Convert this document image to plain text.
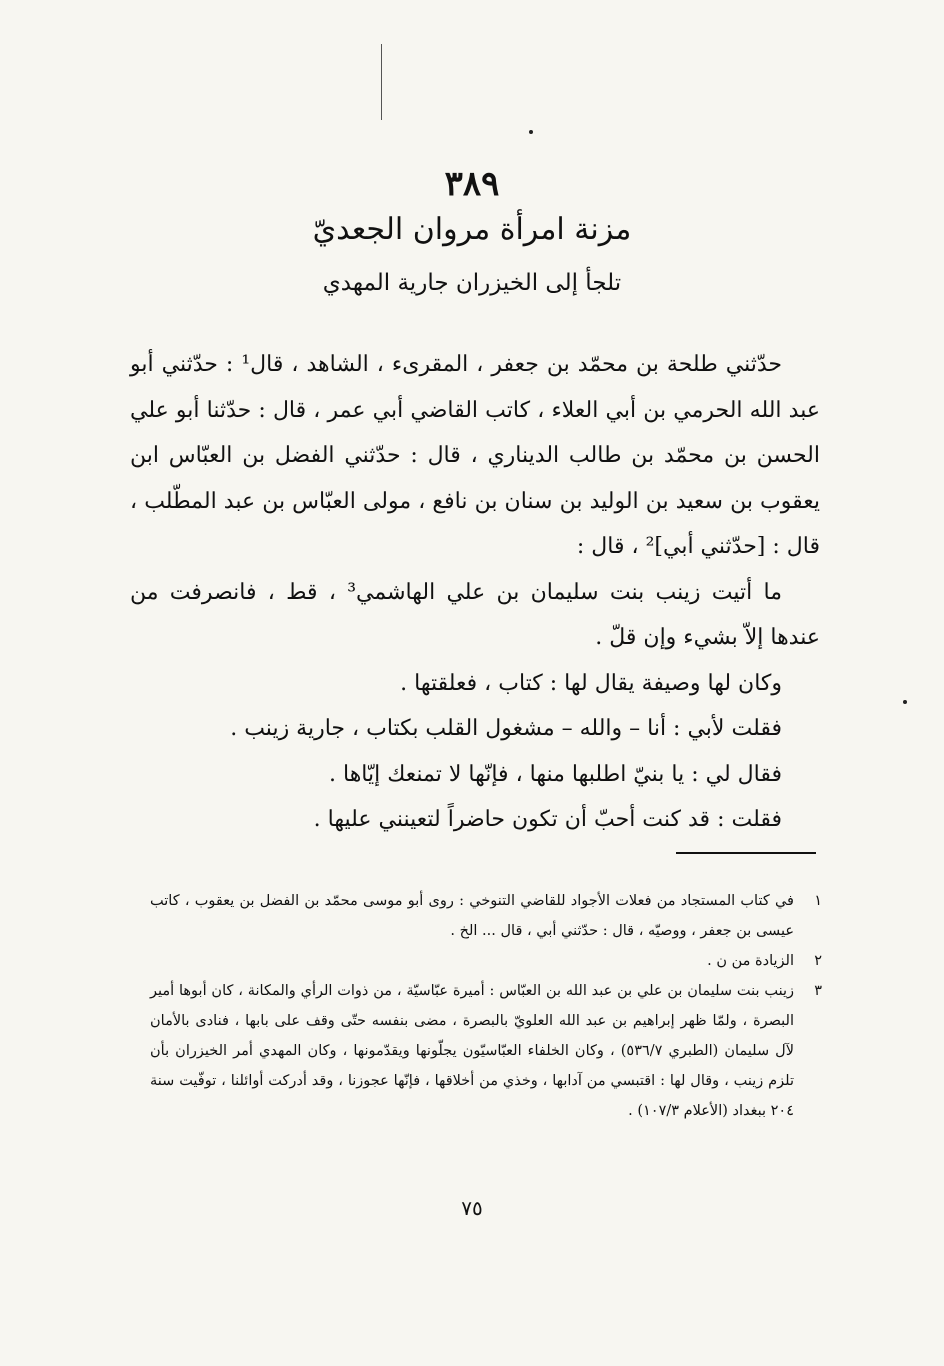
٣٨٩
مزنة امرأة مروان الجعديّ
تلجأ إلى الخيزران جارية المهدي

حدّثني طلحة بن محمّد بن جعفر ، المقرىء ، الشاهد ، قال¹ : حدّثني أبو عبد الله الحرمي بن أبي العلاء ، كاتب القاضي أبي عمر ، قال : حدّثنا أبو علي الحسن بن محمّد بن طالب الديناري ، قال : حدّثني الفضل بن العبّاس ابن يعقوب بن سعيد بن الوليد بن سنان بن نافع ، مولى العبّاس بن عبد المطّلب ، قال : [حدّثني أبي]² ، قال :

ما أتيت زينب بنت سليمان بن علي الهاشمي³ ، قط ، فانصرفت من عندها إلاّ بشيء وإن قلّ .

وكان لها وصيفة يقال لها : كتاب ، فعلقتها .

فقلت لأبي : أنا – والله – مشغول القلب بكتاب ، جارية زينب .

فقال لي : يا بنيّ اطلبها منها ، فإنّها لا تمنعك إيّاها .

فقلت : قد كنت أحبّ أن تكون حاضراً لتعينني عليها .

١
في كتاب المستجاد من فعلات الأجواد للقاضي التنوخي : روى أبو موسى محمّد بن الفضل بن يعقوب ، كاتب عيسى بن جعفر ، ووصيّه ، قال : حدّثني أبي ، قال ... الخ .

٢
الزيادة من ن .

٣
زينب بنت سليمان بن علي بن عبد الله بن العبّاس : أميرة عبّاسيّة ، من ذوات الرأي والمكانة ، كان أبوها أمير البصرة ، ولمّا ظهر إبراهيم بن عبد الله العلويّ بالبصرة ، مضى بنفسه حتّى وقف على بابها ، فنادى بالأمان لآل سليمان (الطبري ٥٣٦/٧) ، وكان الخلفاء العبّاسيّون يجلّونها ويقدّمونها ، وكان المهدي أمر الخيزران بأن تلزم زينب ، وقال لها : اقتبسي من آدابها ، وخذي من أخلاقها ، فإنّها عجوزنا ، وقد أدركت أوائلنا ، توفّيت سنة ٢٠٤ ببغداد (الأعلام ١٠٧/٣) .

٧٥
